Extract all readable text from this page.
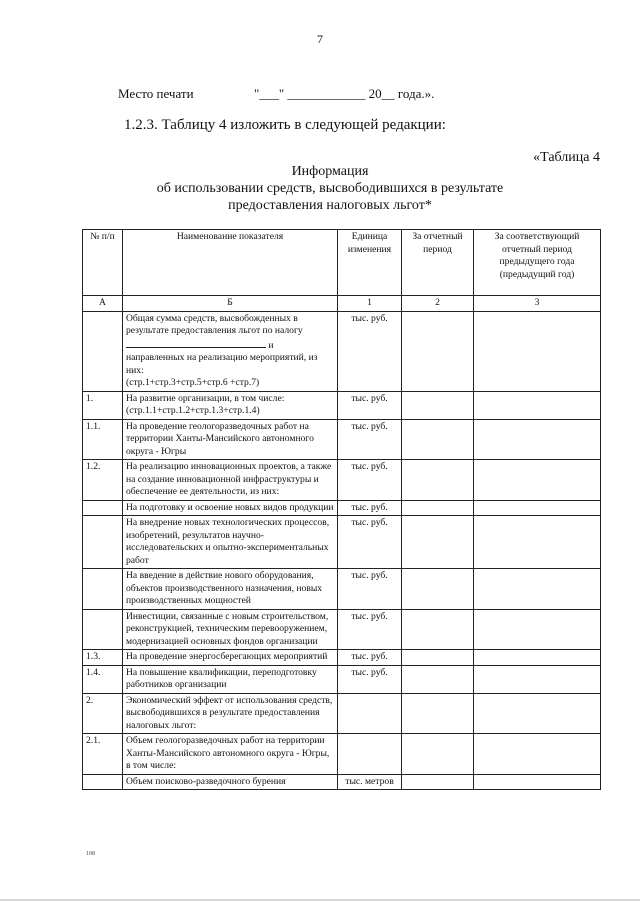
7
Место печати	"___" ____________ 20__ года.».
1.2.3. Таблицу 4 изложить в следующей редакции:
«Таблица 4
Информация
об использовании средств, высвободившихся в результате
предоставления налоговых льгот*
№ п/п	Наименование показателя	Единица изменения	За отчетный период	За соответствующий отчетный период предыдущего года (предыдущий год)
А	Б	1	2	3
	Общая сумма средств, высвобожденных в результате предоставления льгот по налогу
и направленных на реализацию мероприятий, из них:
(стр.1+стр.3+стр.5+стр.6 +стр.7)	тыс. руб.		
1.	На развитие организации, в том числе: (стр.1.1+стр.1.2+стр.1.3+стр.1.4)	тыс. руб.		
1.1.	На проведение геологоразведочных работ на территории Ханты-Мансийского автономного округа - Югры	тыс. руб.		
1.2.	На реализацию инновационных проектов, а также на создание инновационной инфраструктуры и обеспечение ее деятельности, из них:	тыс. руб.		
	На подготовку и освоение новых видов продукции	тыс. руб.		
	На внедрение новых технологических процессов, изобретений, результатов научно-исследовательских и опытно-экспериментальных работ	тыс. руб.		
	На введение в действие нового оборудования, объектов производственного назначения, новых производственных мощностей	тыс. руб.		
	Инвестиции, связанные с новым строительством, реконструкцией, техническим перевооружением, модернизацией основных фондов организации	тыс. руб.		
1.3.	На проведение энергосберегающих мероприятий	тыс. руб.		
1.4.	На повышение квалификации, переподготовку работников организации	тыс. руб.		
2.	Экономический эффект от использования средств, высвободившихся в результате предоставления налоговых льгот:			
2.1.	Объем геологоразведочных работ на территории Ханты-Мансийского автономного округа - Югры, в том числе:			
	Объем поисково-разведочного бурения	тыс. метров		
108
